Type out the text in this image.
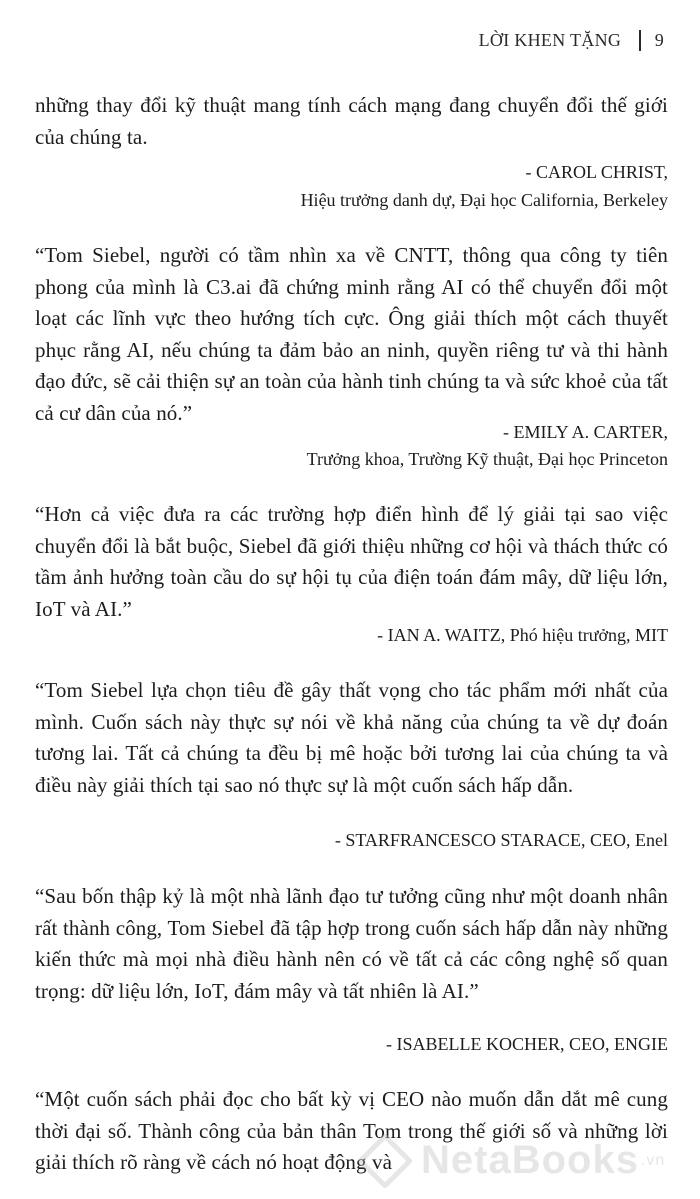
LỜI KHEN TẶNG 9
những thay đổi kỹ thuật mang tính cách mạng đang chuyển đổi thế giới của chúng ta.
- CAROL CHRIST,
Hiệu trưởng danh dự, Đại học California, Berkeley
“Tom Siebel, người có tầm nhìn xa về CNTT, thông qua công ty tiên phong của mình là C3.ai đã chứng minh rằng AI có thể chuyển đổi một loạt các lĩnh vực theo hướng tích cực. Ông giải thích một cách thuyết phục rằng AI, nếu chúng ta đảm bảo an ninh, quyền riêng tư và thi hành đạo đức, sẽ cải thiện sự an toàn của hành tinh chúng ta và sức khoẻ của tất cả cư dân của nó.”
- EMILY A. CARTER,
Trưởng khoa, Trường Kỹ thuật, Đại học Princeton
“Hơn cả việc đưa ra các trường hợp điển hình để lý giải tại sao việc chuyển đổi là bắt buộc, Siebel đã giới thiệu những cơ hội và thách thức có tầm ảnh hưởng toàn cầu do sự hội tụ của điện toán đám mây, dữ liệu lớn, IoT và AI.”
- IAN A. WAITZ, Phó hiệu trưởng, MIT
“Tom Siebel lựa chọn tiêu đề gây thất vọng cho tác phẩm mới nhất của mình. Cuốn sách này thực sự nói về khả năng của chúng ta về dự đoán tương lai. Tất cả chúng ta đều bị mê hoặc bởi tương lai của chúng ta và điều này giải thích tại sao nó thực sự là một cuốn sách hấp dẫn.
- STARFRANCESCO STARACE, CEO, Enel
“Sau bốn thập kỷ là một nhà lãnh đạo tư tưởng cũng như một doanh nhân rất thành công, Tom Siebel đã tập hợp trong cuốn sách hấp dẫn này những kiến thức mà mọi nhà điều hành nên có về tất cả các công nghệ số quan trọng: dữ liệu lớn, IoT, đám mây và tất nhiên là AI.”
- ISABELLE KOCHER, CEO, ENGIE
“Một cuốn sách phải đọc cho bất kỳ vị CEO nào muốn dẫn dắt mê cung thời đại số. Thành công của bản thân Tom trong thế giới số và những lời giải thích rõ ràng về cách nó hoạt động và NetaBooks .vn
